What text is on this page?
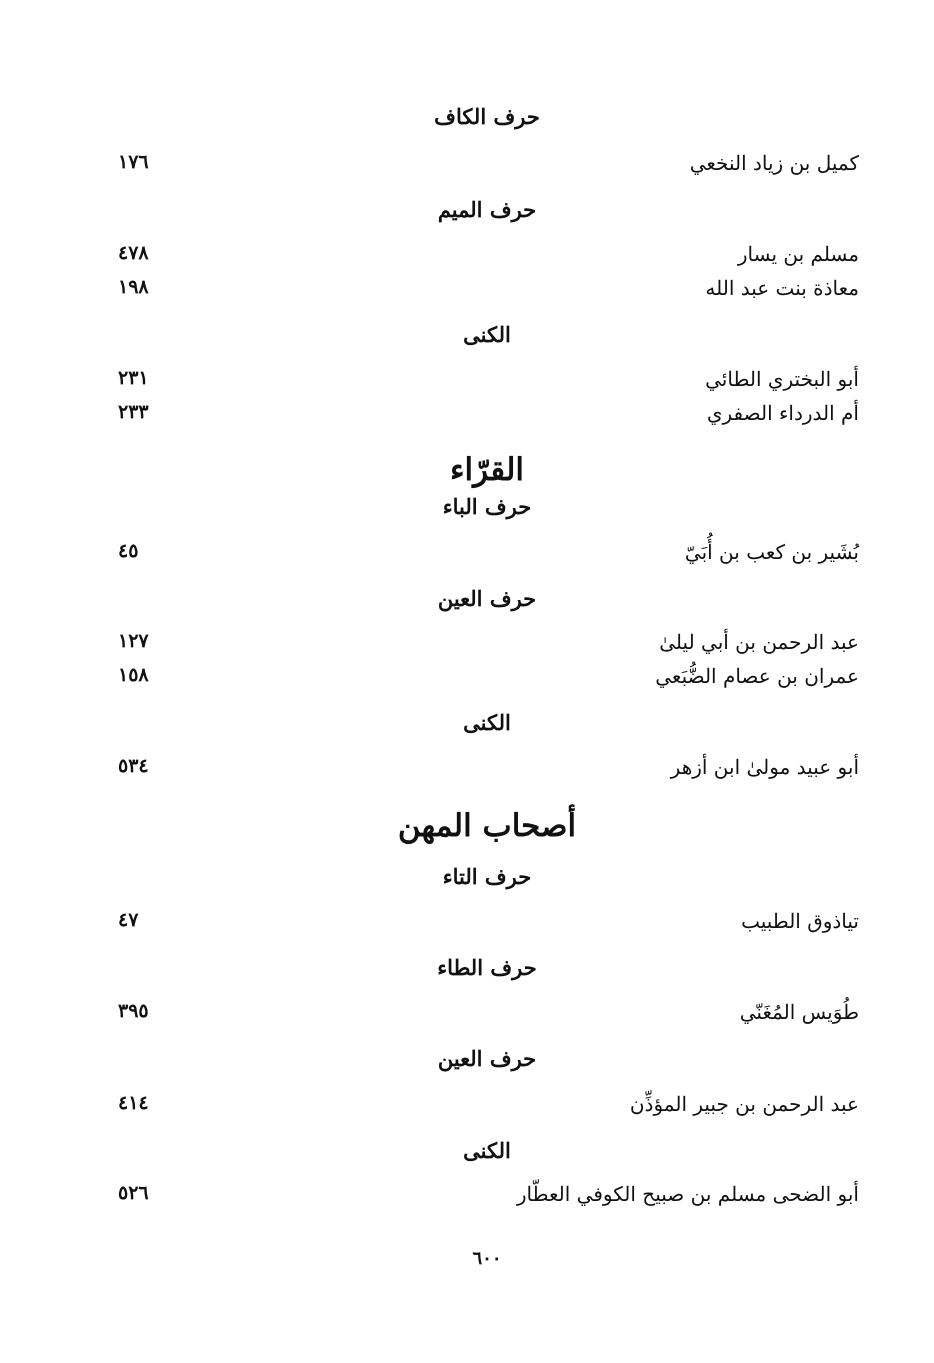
حرف الكاف
كميل بن زياد النخعي
١٧٦
حرف الميم
مسلم بن يسار
٤٧٨
معاذة بنت عبد الله
١٩٨
الكنى
أبو البختري الطائي
٢٣١
أم الدرداء الصفري
٢٣٣
القرّاء
حرف الباء
بُشَير بن كعب بن أُبَيّ
٤٥
حرف العين
عبد الرحمن بن أبي ليلىٰ
١٢٧
عمران بن عصام الضُّبَعي
١٥٨
الكنى
أبو عبيد مولىٰ ابن أزهر
٥٣٤
أصحاب المهن
حرف التاء
تياذوق الطبيب
٤٧
حرف الطاء
طُوَيس المُغَنّي
٣٩٥
حرف العين
عبد الرحمن بن جبير المؤذِّن
٤١٤
الكنى
أبو الضحى مسلم بن صبيح الكوفي العطّار
٥٢٦
٦٠٠
